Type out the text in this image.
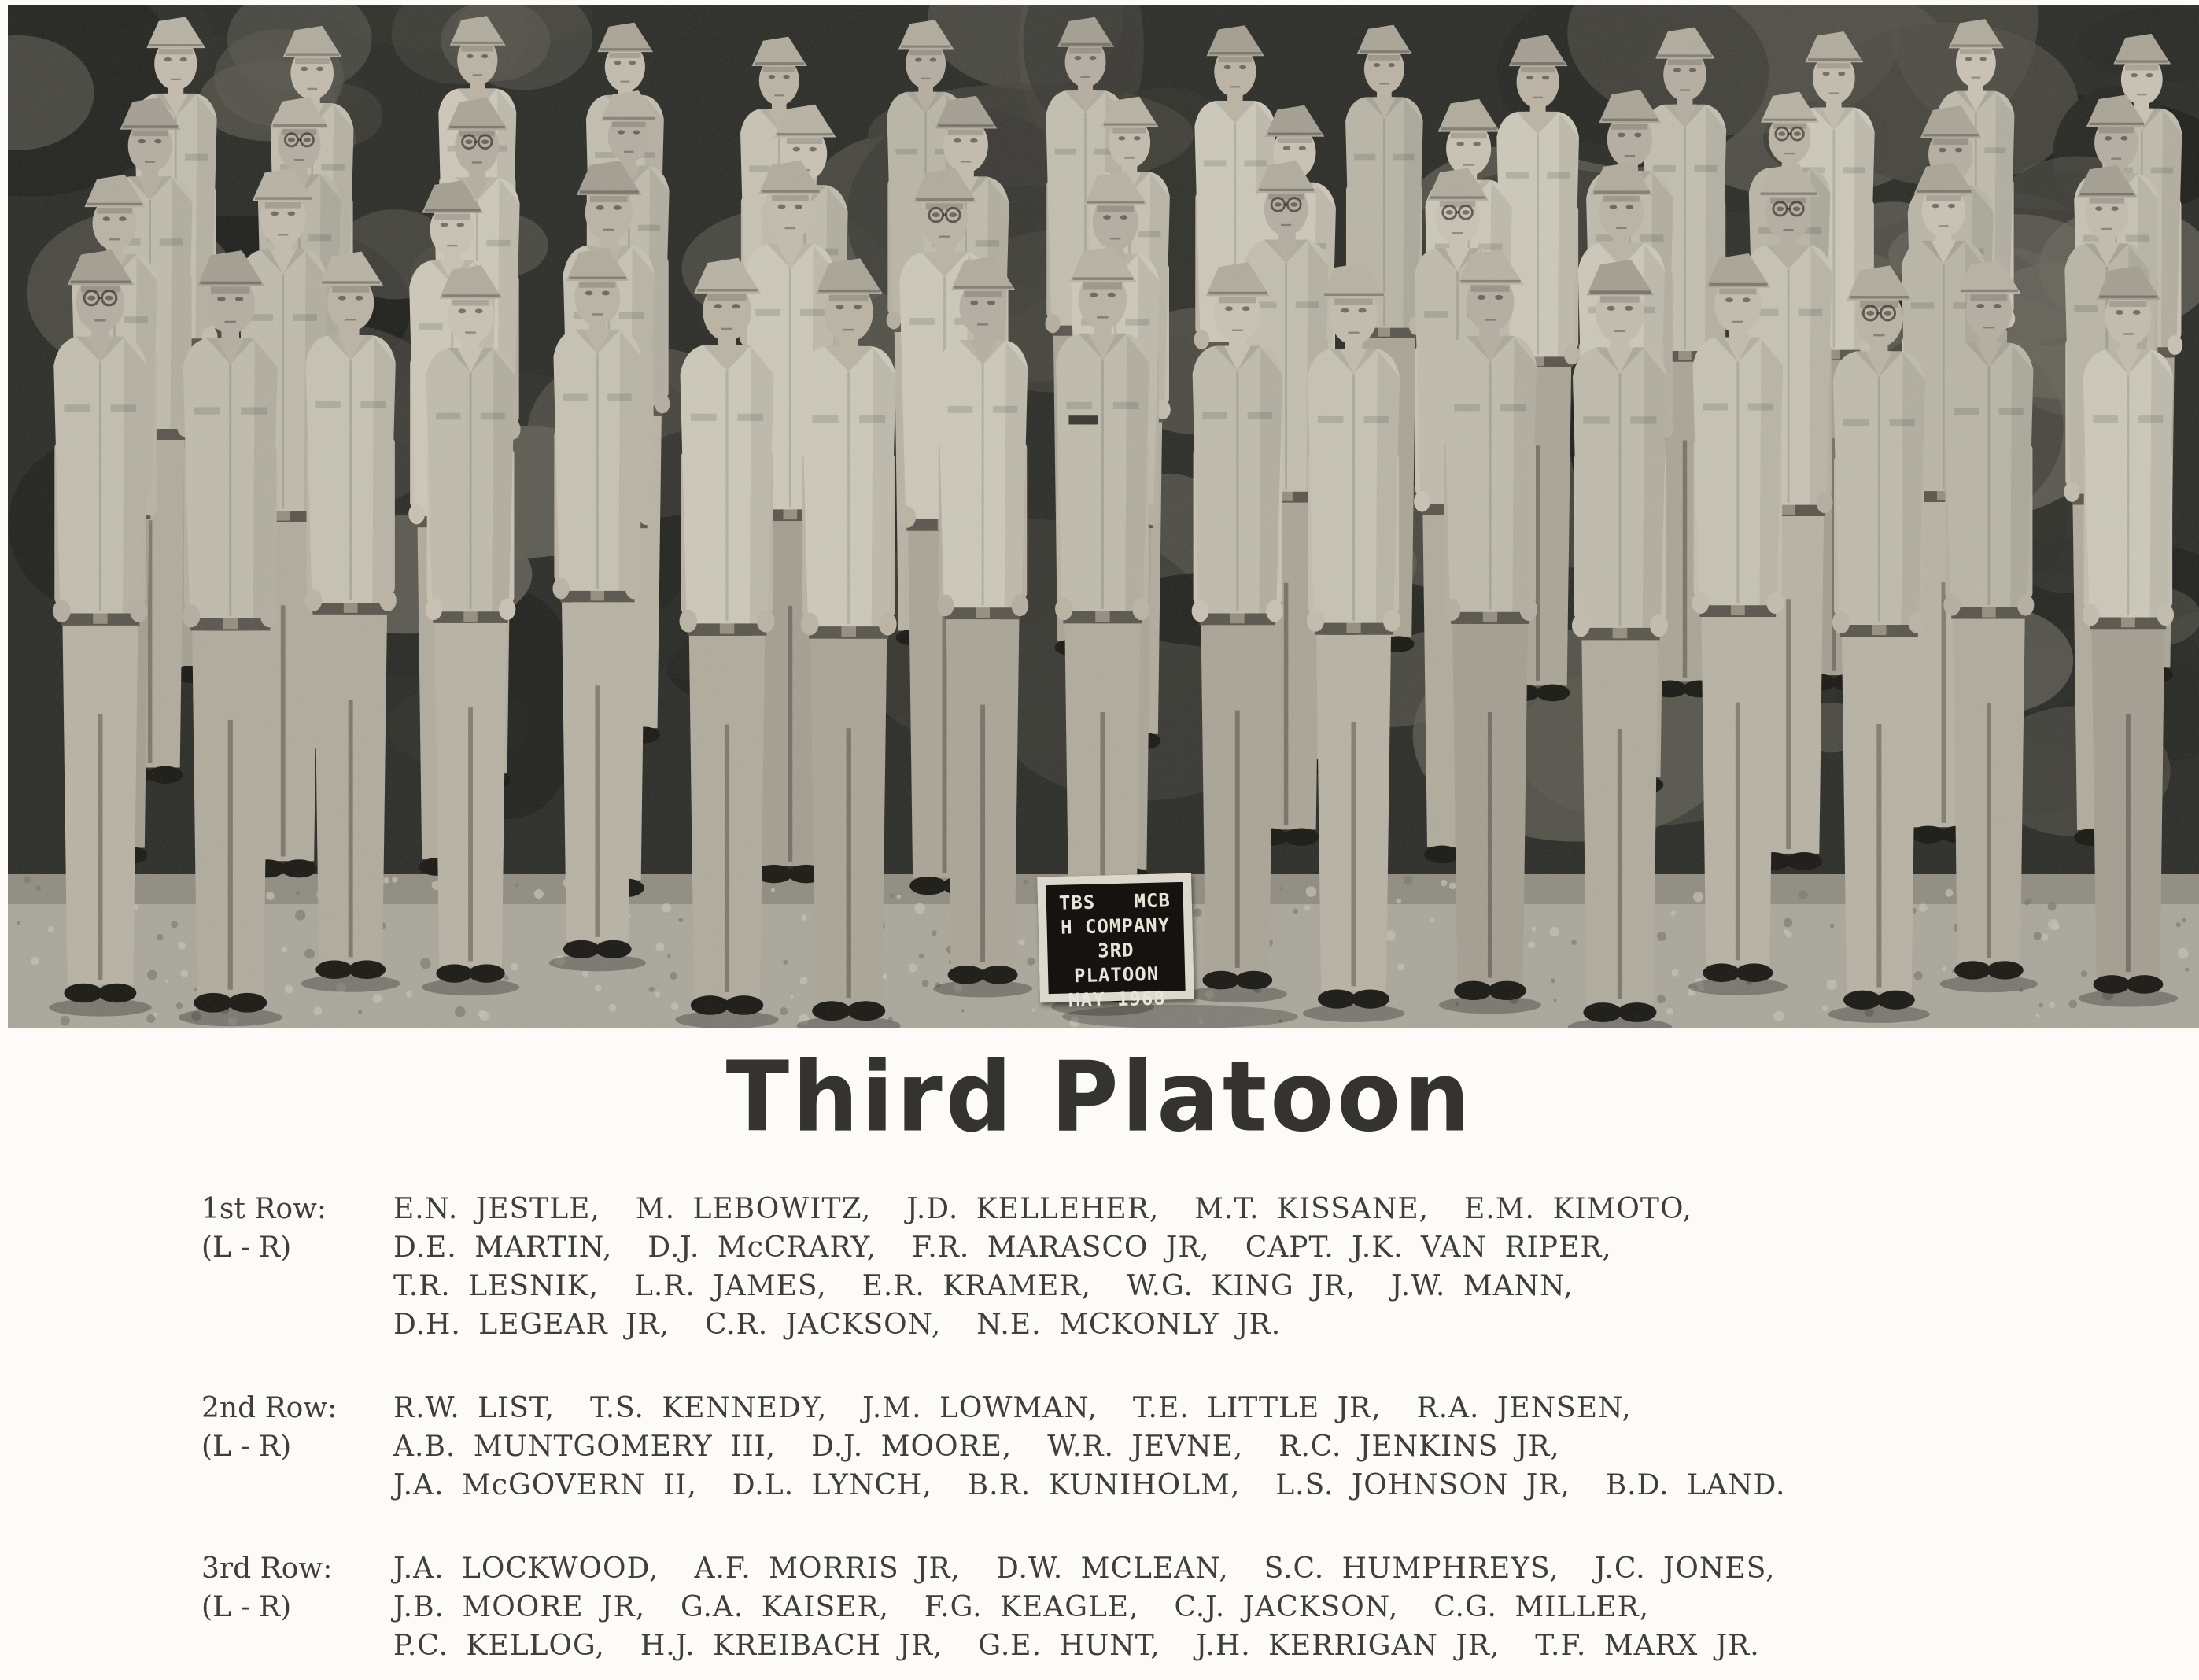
TBS MCB
H COMPANY
3RD PLATOON
MAY 1968
Third Platoon
1st Row:
(L - R)
E.N. JESTLE,  M. LEBOWITZ,  J.D. KELLEHER,  M.T. KISSANE,  E.M. KIMOTO,
D.E. MARTIN,  D.J. McCRARY,  F.R. MARASCO JR,  CAPT. J.K. VAN RIPER,
T.R. LESNIK,  L.R. JAMES,  E.R. KRAMER,  W.G. KING JR,  J.W. MANN,
D.H. LEGEAR JR,  C.R. JACKSON,  N.E. MCKONLY JR.
2nd Row:
(L - R)
R.W. LIST,  T.S. KENNEDY,  J.M. LOWMAN,  T.E. LITTLE JR,  R.A. JENSEN,
A.B. MUNTGOMERY III,  D.J. MOORE,  W.R. JEVNE,  R.C. JENKINS JR,
J.A. McGOVERN II,  D.L. LYNCH,  B.R. KUNIHOLM,  L.S. JOHNSON JR,  B.D. LAND.
3rd Row:
(L - R)
J.A. LOCKWOOD,  A.F. MORRIS JR,  D.W. MCLEAN,  S.C. HUMPHREYS,  J.C. JONES,
J.B. MOORE JR,  G.A. KAISER,  F.G. KEAGLE,  C.J. JACKSON,  C.G. MILLER,
P.C. KELLOG,  H.J. KREIBACH JR,  G.E. HUNT,  J.H. KERRIGAN JR,  T.F. MARX JR.
